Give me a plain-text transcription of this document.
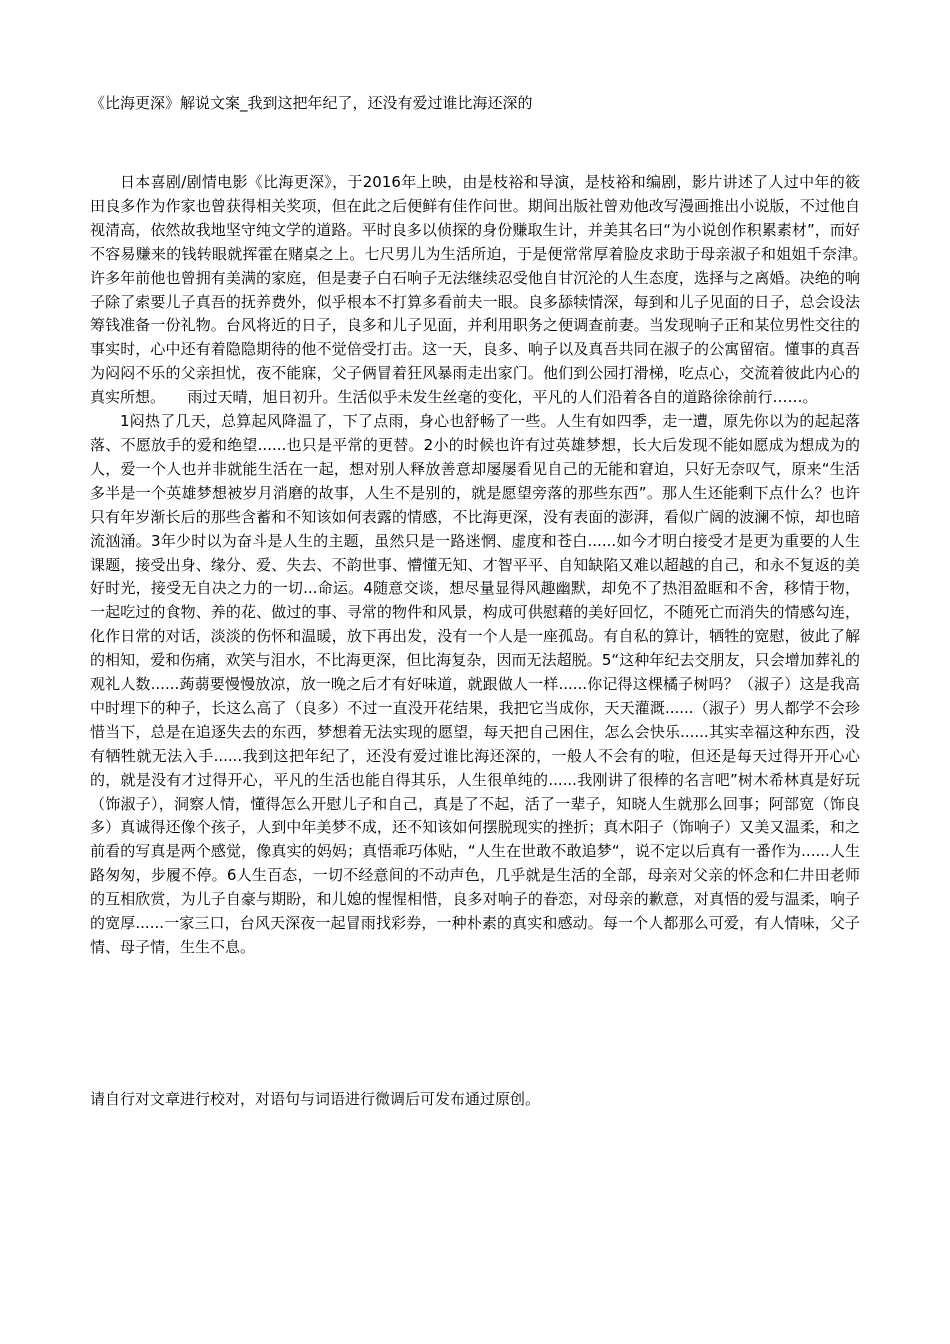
《比海更深》解说文案_我到这把年纪了，还没有爱过谁比海还深的

日本喜剧/剧情电影《比海更深》，于2016年上映，由是枝裕和导演，是枝裕和编剧，影片讲述了人过中年的筱田良多作为作家也曾获得相关奖项，但在此之后便鲜有佳作问世。期间出版社曾劝他改写漫画推出小说版，不过他自视清高，依然故我地坚守纯文学的道路。平时良多以侦探的身份赚取生计，并美其名曰“为小说创作积累素材”，而好不容易赚来的钱转眼就挥霍在赌桌之上。七尺男儿为生活所迫，于是便常常厚着脸皮求助于母亲淑子和姐姐千奈津。　　许多年前他也曾拥有美满的家庭，但是妻子白石响子无法继续忍受他自甘沉沦的人生态度，选择与之离婚。决绝的响子除了索要儿子真吾的抚养费外，似乎根本不打算多看前夫一眼。良多舔犊情深，每到和儿子见面的日子，总会设法筹钱准备一份礼物。台风将近的日子，良多和儿子见面，并利用职务之便调查前妻。当发现响子正和某位男性交往的事实时，心中还有着隐隐期待的他不觉倍受打击。这一天，良多、响子以及真吾共同在淑子的公寓留宿。懂事的真吾为闷闷不乐的父亲担忧，夜不能寐，父子俩冒着狂风暴雨走出家门。他们到公园打滑梯，吃点心，交流着彼此内心的真实所想。　　雨过天晴，旭日初升。生活似乎未发生丝毫的变化，平凡的人们沿着各自的道路徐徐前行……。

1闷热了几天，总算起风降温了，下了点雨，身心也舒畅了一些。人生有如四季，走一遭，原先你以为的起起落落、不愿放手的爱和绝望......也只是平常的更替。2小的时候也许有过英雄梦想，长大后发现不能如愿成为想成为的人，爱一个人也并非就能生活在一起，想对别人释放善意却屡屡看见自己的无能和窘迫，只好无奈叹气，原来“生活多半是一个英雄梦想被岁月消磨的故事，人生不是别的，就是愿望旁落的那些东西”。那人生还能剩下点什么？也许只有年岁渐长后的那些含蓄和不知该如何表露的情感，不比海更深，没有表面的澎湃，看似广阔的波澜不惊，却也暗流汹涌。3年少时以为奋斗是人生的主题，虽然只是一路迷惘、虚度和苍白......如今才明白接受才是更为重要的人生课题，接受出身、缘分、爱、失去、不韵世事、懵懂无知、才智平平、自知缺陷又难以超越的自己，和永不复返的美好时光，接受无自决之力的一切...命运。4随意交谈，想尽量显得风趣幽默，却免不了热泪盈眶和不舍，移情于物，一起吃过的食物、养的花、做过的事、寻常的物件和风景，构成可供慰藉的美好回忆，不随死亡而消失的情感勾连，化作日常的对话，淡淡的伤怀和温暖，放下再出发，没有一个人是一座孤岛。有自私的算计，牺牲的宽慰，彼此了解的相知，爱和伤痛，欢笑与泪水，不比海更深，但比海复杂，因而无法超脱。5“这种年纪去交朋友，只会增加葬礼的观礼人数......蒟蒻要慢慢放凉，放一晚之后才有好味道，就跟做人一样......你记得这棵橘子树吗？（淑子）这是我高中时埋下的种子，长这么高了（良多）不过一直没开花结果，我把它当成你，天天灌溉......（淑子）男人都学不会珍惜当下，总是在追逐失去的东西，梦想着无法实现的愿望，每天把自己困住，怎么会快乐......其实幸福这种东西，没有牺牲就无法入手......我到这把年纪了，还没有爱过谁比海还深的，一般人不会有的啦，但还是每天过得开开心心的，就是没有才过得开心，平凡的生活也能自得其乐，人生很单纯的......我刚讲了很棒的名言吧”树木希林真是好玩（饰淑子），洞察人情，懂得怎么开慰儿子和自己，真是了不起，活了一辈子，知晓人生就那么回事；阿部宽（饰良多）真诚得还像个孩子，人到中年美梦不成，还不知该如何摆脱现实的挫折；真木阳子（饰响子）又美又温柔，和之前看的写真是两个感觉，像真实的妈妈；真悟乖巧体贴，“人生在世敢不敢追梦“，说不定以后真有一番作为......人生路匆匆，步履不停。6人生百态，一切不经意间的不动声色，几乎就是生活的全部，母亲对父亲的怀念和仁井田老师的互相欣赏，为儿子自豪与期盼，和儿媳的惺惺相惜，良多对响子的眷恋，对母亲的歉意，对真悟的爱与温柔，响子的宽厚......一家三口，台风天深夜一起冒雨找彩券，一种朴素的真实和感动。每一个人都那么可爱，有人情味，父子情、母子情，生生不息。

请自行对文章进行校对，对语句与词语进行微调后可发布通过原创。
